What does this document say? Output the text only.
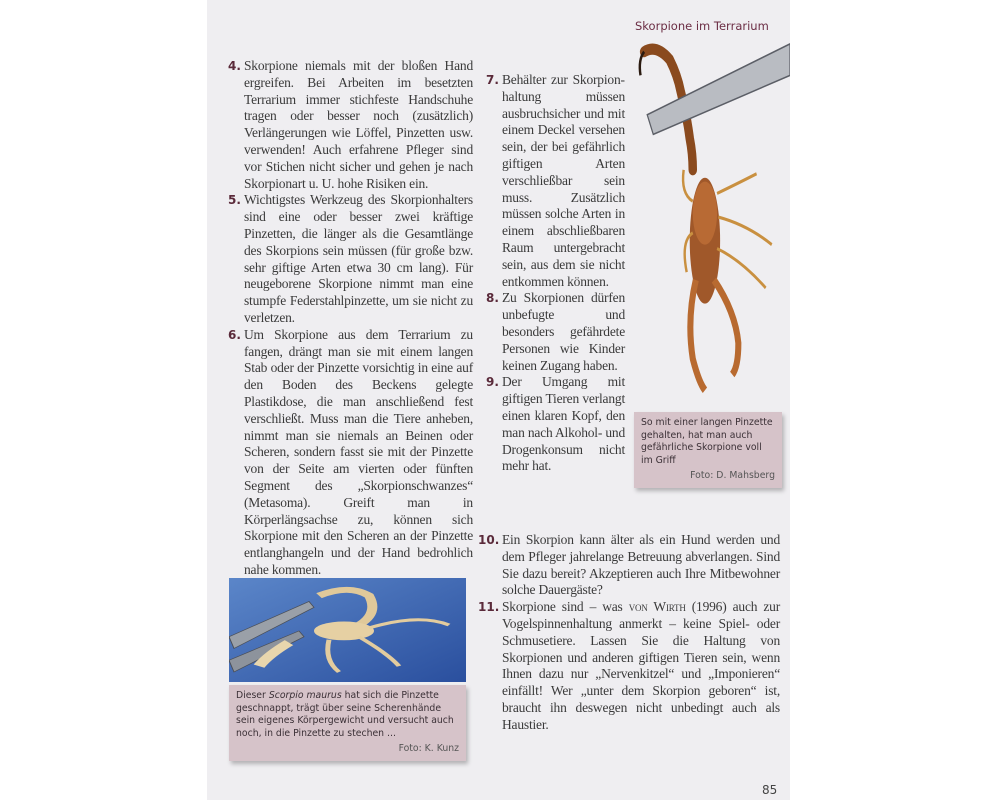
Skorpione im Terrarium
4. Skorpione niemals mit der bloßen Hand ergreifen. Bei Arbeiten im besetzten Terrarium immer stichfeste Handschuhe tragen oder besser noch (zusätzlich) Verlängerungen wie Löffel, Pinzetten usw. verwenden! Auch erfahrene Pfleger sind vor Stichen nicht sicher und gehen je nach Skorpionart u. U. hohe Risiken ein.
5. Wichtigstes Werkzeug des Skorpionhalters sind eine oder besser zwei kräftige Pinzetten, die länger als die Gesamtlänge des Skorpions sein müssen (für große bzw. sehr giftige Arten etwa 30 cm lang). Für neugeborene Skorpione nimmt man eine stumpfe Federstahlpinzette, um sie nicht zu verletzen.
6. Um Skorpione aus dem Terrarium zu fangen, drängt man sie mit einem langen Stab oder der Pinzette vorsichtig in eine auf den Boden des Beckens gelegte Plastikdose, die man anschließend fest verschließt. Muss man die Tiere anheben, nimmt man sie niemals an Beinen oder Scheren, sondern fasst sie mit der Pinzette von der Seite am vierten oder fünften Segment des „Skorpionschwanzes“ (Metasoma). Greift man in Körperlängsachse zu, können sich Skorpione mit den Scheren an der Pinzette entlanghangeln und der Hand bedrohlich nahe kommen.
Dieser Scorpio maurus hat sich die Pinzette geschnappt, trägt über seine Scherenhände sein eigenes Körpergewicht und versucht auch noch, in die Pinzette zu stechen ...
Foto: K. Kunz
7. Behälter zur Skorpionhaltung müssen ausbruchsicher und mit einem Deckel versehen sein, der bei gefährlich giftigen Arten verschließbar sein muss. Zusätzlich müssen solche Arten in einem abschließbaren Raum untergebracht sein, aus dem sie nicht entkommen können.
8. Zu Skorpionen dürfen unbefugte und besonders gefährdete Personen wie Kinder keinen Zugang haben.
9. Der Umgang mit giftigen Tieren verlangt einen klaren Kopf, den man nach Alkohol- und Drogenkonsum nicht mehr hat.
So mit einer langen Pinzette gehalten, hat man auch gefährliche Skorpione voll im Griff
Foto: D. Mahsberg
10. Ein Skorpion kann älter als ein Hund werden und dem Pfleger jahrelange Betreuung abverlangen. Sind Sie dazu bereit? Akzeptieren auch Ihre Mitbewohner solche Dauergäste?
11. Skorpione sind – was von Wirth (1996) auch zur Vogelspinnenhaltung anmerkt – keine Spiel- oder Schmusetiere. Lassen Sie die Haltung von Skorpionen und anderen giftigen Tieren sein, wenn Ihnen dazu nur „Nervenkitzel“ und „Imponieren“ einfällt! Wer „unter dem Skorpion geboren“ ist, braucht ihn deswegen nicht unbedingt auch als Haustier.
85
